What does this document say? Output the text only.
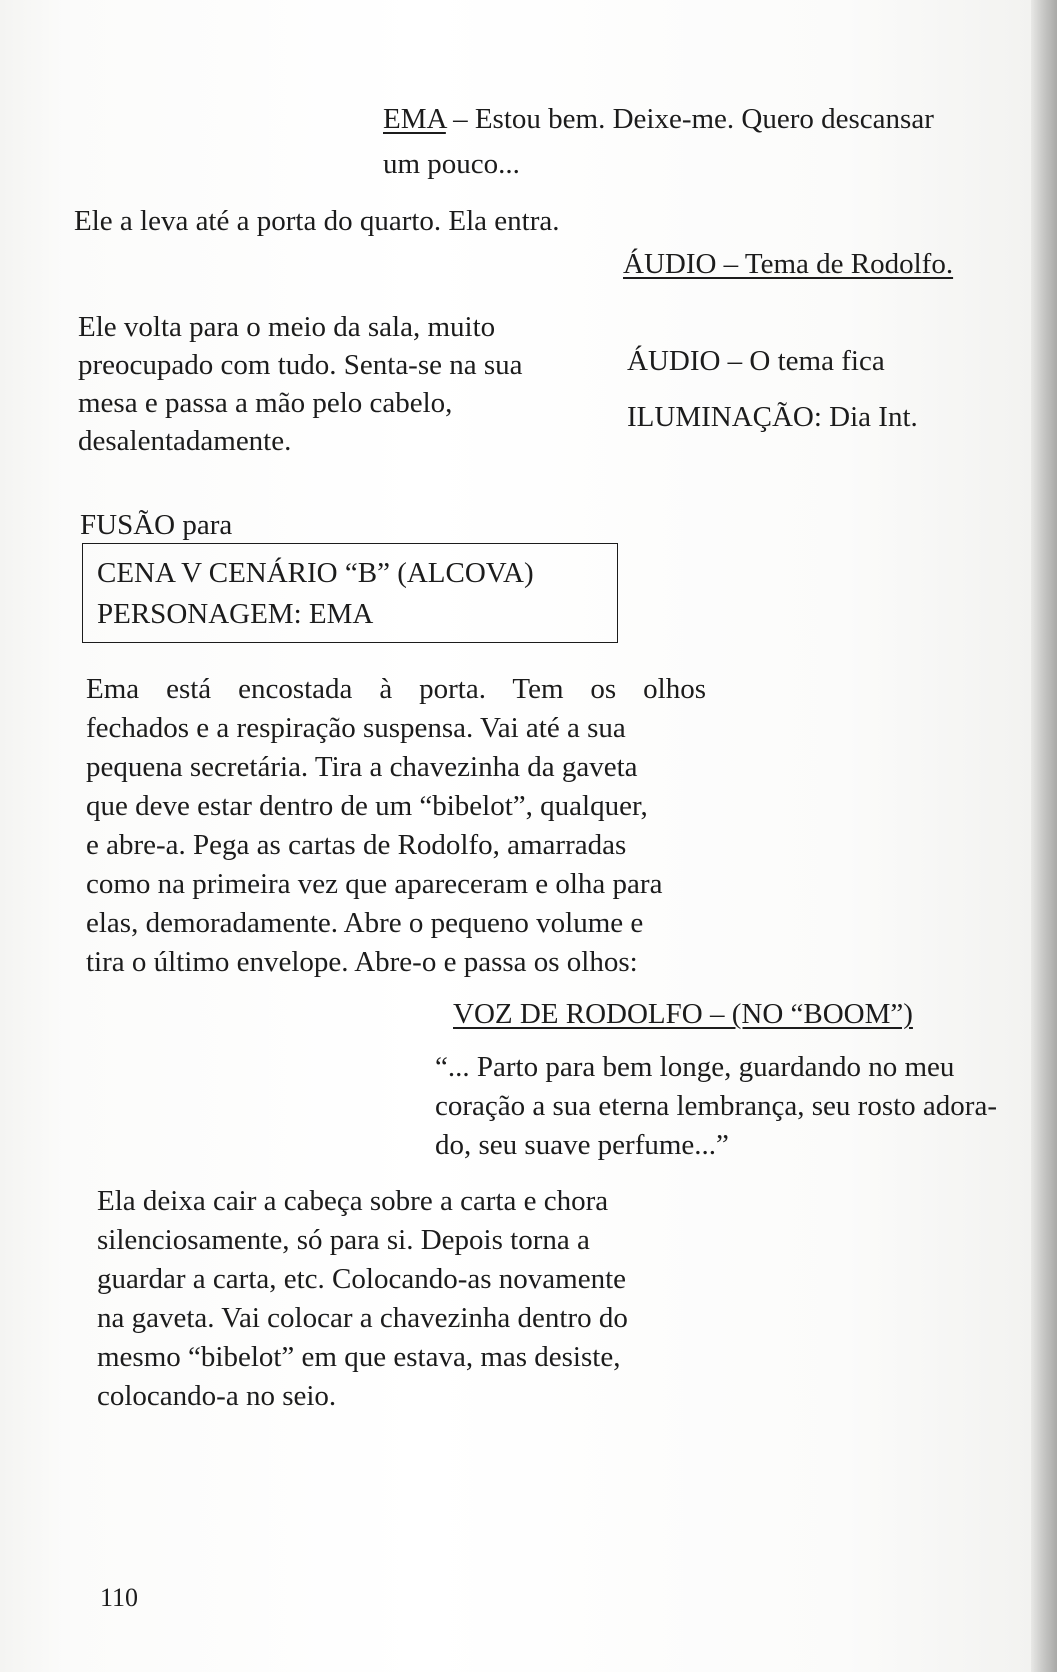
EMA – Estou bem. Deixe-me. Quero descansar
um pouco...
Ele a leva até a porta do quarto. Ela entra.
ÁUDIO – Tema de Rodolfo.
Ele volta para o meio da sala, muito
preocupado com tudo. Senta-se na sua
mesa e passa a mão pelo cabelo,
desalentadamente.
ÁUDIO – O tema fica
ILUMINAÇÃO: Dia Int.
FUSÃO para
CENA V CENÁRIO “B” (ALCOVA)
PERSONAGEM: EMA
Ema está encostada à porta. Tem os olhos
fechados e a respiração suspensa. Vai até a sua
pequena secretária. Tira a chavezinha da gaveta
que deve estar dentro de um “bibelot”, qualquer,
e abre-a. Pega as cartas de Rodolfo, amarradas
como na primeira vez que apareceram e olha para
elas, demoradamente. Abre o pequeno volume e
tira o último envelope. Abre-o e passa os olhos:
VOZ DE RODOLFO – (NO “BOOM”)
“... Parto para bem longe, guardando no meu
coração a sua eterna lembrança, seu rosto adora-
do, seu suave perfume...”
Ela deixa cair a cabeça sobre a carta e chora
silenciosamente, só para si. Depois torna a
guardar a carta, etc. Colocando-as novamente
na gaveta. Vai colocar a chavezinha dentro do
mesmo “bibelot” em que estava, mas desiste,
colocando-a no seio.
110
